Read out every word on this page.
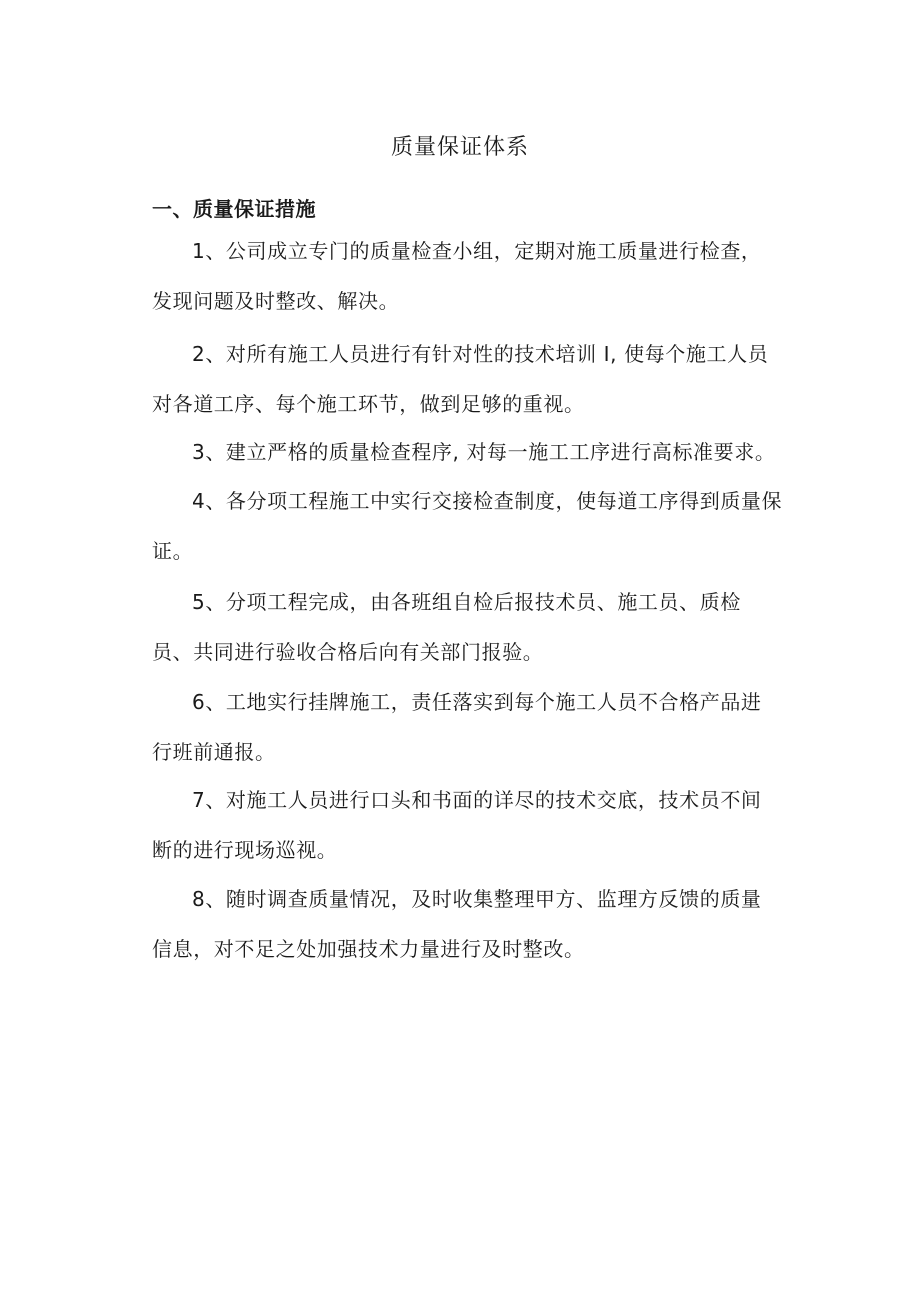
质量保证体系
一、质量保证措施
1、公司成立专门的质量检查小组，定期对施工质量进行检查，
发现问题及时整改、解决。
2、对所有施工人员进行有针对性的技术培训 I, 使每个施工人员
对各道工序、每个施工环节，做到足够的重视。
3、建立严格的质量检查程序, 对每一施工工序进行高标准要求。
4、各分项工程施工中实行交接检查制度，使每道工序得到质量保
证。
5、分项工程完成，由各班组自检后报技术员、施工员、质检
员、共同进行验收合格后向有关部门报验。
6、工地实行挂牌施工，责任落实到每个施工人员不合格产品进
行班前通报。
7、对施工人员进行口头和书面的详尽的技术交底，技术员不间
断的进行现场巡视。
8、随时调查质量情况，及时收集整理甲方、监理方反馈的质量
信息，对不足之处加强技术力量进行及时整改。
